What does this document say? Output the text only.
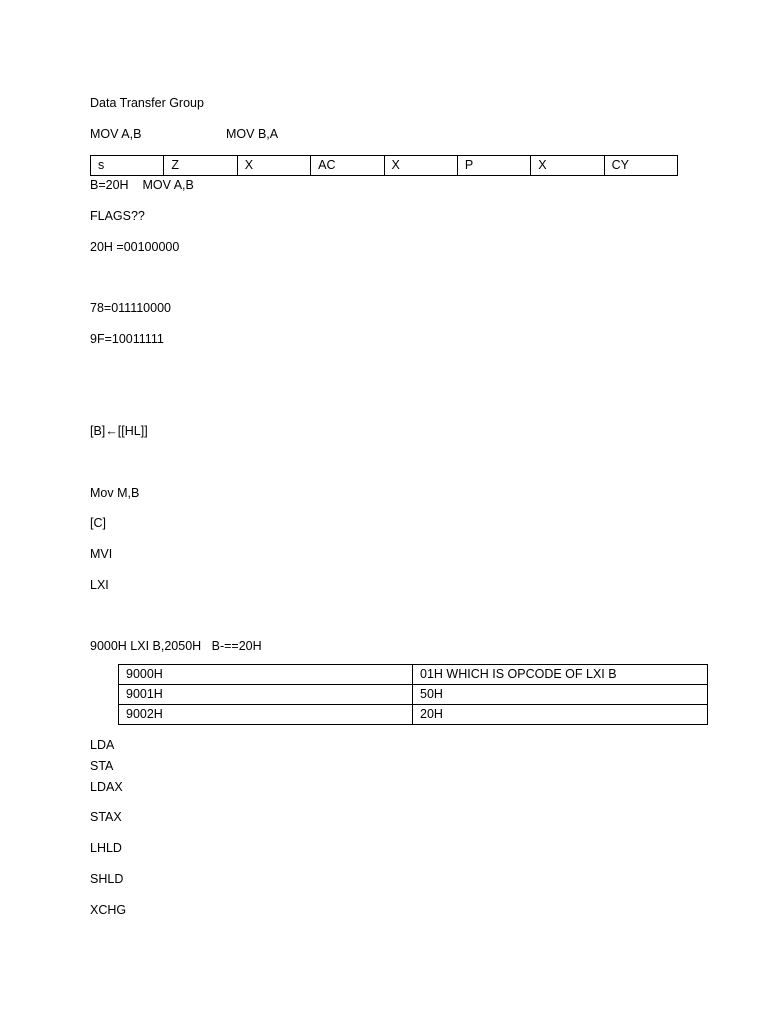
Data Transfer Group
MOV A,B	MOV B,A
s	Z	X	AC	X	P	X	CY
B=20H    MOV A,B
FLAGS??
20H =00100000
78=011110000
9F=10011111
[B]←[[HL]]
Mov M,B
[C]
MVI
LXI
9000H LXI B,2050H   B-==20H
9000H	01H WHICH IS OPCODE OF LXI B
9001H	50H
9002H	20H
LDA
STA
LDAX
STAX
LHLD
SHLD
XCHG
